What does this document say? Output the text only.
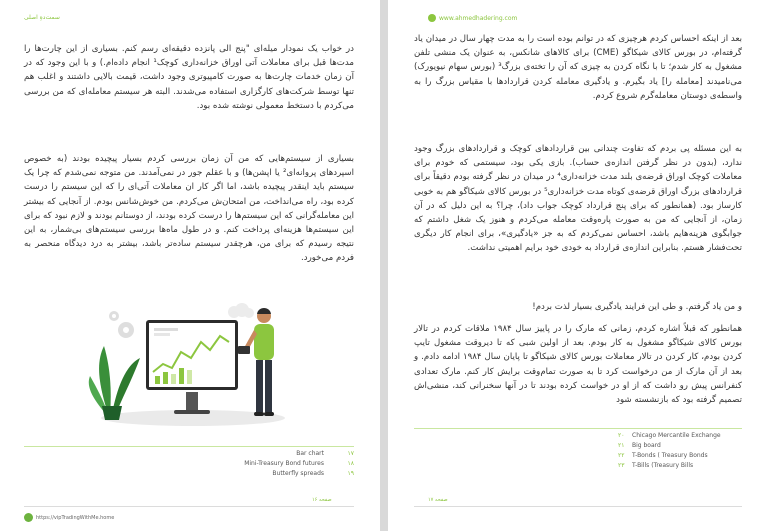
سمت‌دهِ اصلی
در خواب یک نمودار میله‌ای "پنج الی پانزده دقیقه‌ای رسم کنم. بسیاری از این چارت‌ها را مدت‌ها قبل برای معاملات آتی اوراق خزانه‌داری کوچک¹ انجام داده‌ام.) و با این وجود که در آن زمان خدمات چارت‌ها به صورت کامپیوتری وجود داشت، قیمت بالایی داشتند و اغلب هم تنها توسط شرکت‌های کارگزاری استفاده می‌شدند. البته هر سیستم معامله‌ای که من بررسی می‌کردم با دستخط معمولی نوشته شده بود.
بسیاری از سیستم‌هایی که من آن زمان بررسی کردم بسیار پیچیده بودند (به خصوص اسپردهای پروانه‌ای² یا اپشن‌ها) و با عقلم جور در نمی‌آمدند. من متوجه نمی‌شدم که چرا یک سیستم باید اینقدر پیچیده باشد، اما اگر کار ان معاملات آتی‌ای را که این سیستم را درست کرده بود، راه می‌انداخت، من امتحان‌ش می‌کردم. من خوش‌شانس بودم. از آنجایی که بیشتر این معامله‌گرانی که این سیستم‌ها را درست کرده بودند، از دوستانم بودند و لازم نبود که برای این سیستم‌ها هزینه‌ای پرداخت کنم. و در طول ماه‌ها بررسی سیستم‌های بی‌شمار، به این نتیجه رسیدم که برای من، هرچقدر سیستم ساده‌تر باشد، بیشتر به درد دیدگاه منحصر به فردم می‌خورد.
Bar chart	۱۷
Mini-Treasury Bond futures	۱۸
Butterfly spreads	۱۹
صفحه ۱۶
https://vipTradingWithMe.home
www.ahmedhadering.com
بعد از اینکه احساس کردم هرچیزی که در توانم بوده است را به مدت چهار سال در میدان یاد گرفته‌ام، در بورس کالای شیکاگو (CME) برای کالاهای شانکس، به عنوان یک منشی تلفن مشغول به کار شدم؛ تا با نگاه کردن به چیزی که آن را تخته‌ی بزرگ³ (بورس سهام نیویورک) می‌نامیدند [معامله را] یاد بگیرم. و یادگیری معامله کردن قراردادها با مقیاس بزرگ را به واسطه‌ی دوستان معامله‌گرم شروع کردم.
به این مسئله پی بردم که تفاوت چندانی بین قراردادهای کوچک و قراردادهای بزرگ وجود ندارد، (بدون در نظر گرفتن اندازه‌ی حساب). بازی یکی بود، سیستمی که خودم برای معاملات کوچک اوراق قرضه‌ی بلند مدت خزانه‌داری⁴ در میدان در نظر گرفته بودم دقیقاً برای قراردادهای بزرگ اوراق قرضه‌ی کوتاه مدت خزانه‌داری⁵ در بورس کالای شیکاگو هم به خوبی کارساز بود. (همانطور که برای پنج قرارداد کوچک جواب داد)، چرا؟ به این دلیل که در آن زمان، از آنجایی که من به صورت پاره‌وقت معامله می‌کردم و هنوز یک شغل داشتم که جوابگوی هزینه‌هایم باشد، احساس نمی‌کردم که به جز «یادگیری»، برای انجام کار دیگری تحت‌فشار هستم. بنابراین اندازه‌ی قرارداد به خودی خود برایم اهمیتی نداشت.
و من یاد گرفتم. و طی این فرایند یادگیری بسیار لذت بردم!
همانطور که قبلاً اشاره کردم، زمانی که مارک را در پاییز سال ۱۹۸۴ ملاقات کردم در تالار بورس کالای شیکاگو مشغول به کار بودم. بعد از اولین شبی که تا دیروقت مشغول تایپ کردن بودم، کار کردن در تالار معاملات بورس کالای شیکاگو تا پایان سال ۱۹۸۴ ادامه دادم. و بعد از آن مارک از من درخواست کرد تا به صورت تمام‌وقت برایش کار کنم. مارک تعدادی کنفرانس پیش رو داشت که از او در خواست کرده بودند تا در آنها سخنرانی کند، منشی‌اش تصمیم گرفته بود که بازنشسته شود
۲۰	Chicago Mercantile Exchange
۲۱	Big board
۲۲	T-Bonds ( Treasury Bonds
۲۳	T-Bills (Treasury Bills
صفحه ۱۷
